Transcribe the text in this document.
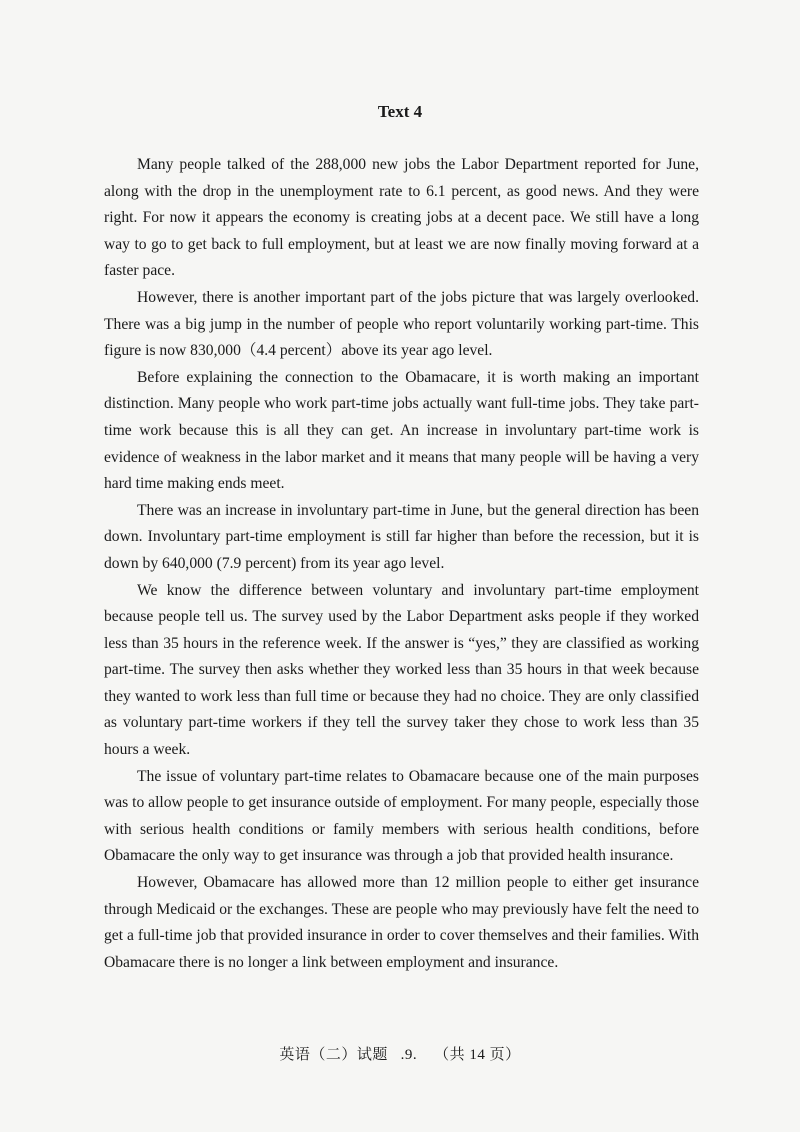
Text 4

Many people talked of the 288,000 new jobs the Labor Department reported for June, along with the drop in the unemployment rate to 6.1 percent, as good news. And they were right. For now it appears the economy is creating jobs at a decent pace. We still have a long way to go to get back to full employment, but at least we are now finally moving forward at a faster pace.

However, there is another important part of the jobs picture that was largely overlooked. There was a big jump in the number of people who report voluntarily working part-time. This figure is now 830,000（4.4 percent）above its year ago level.

Before explaining the connection to the Obamacare, it is worth making an important distinction. Many people who work part-time jobs actually want full-time jobs. They take part-time work because this is all they can get. An increase in involuntary part-time work is evidence of weakness in the labor market and it means that many people will be having a very hard time making ends meet.

There was an increase in involuntary part-time in June, but the general direction has been down. Involuntary part-time employment is still far higher than before the recession, but it is down by 640,000 (7.9 percent) from its year ago level.

We know the difference between voluntary and involuntary part-time employment because people tell us. The survey used by the Labor Department asks people if they worked less than 35 hours in the reference week. If the answer is “yes,” they are classified as working part-time. The survey then asks whether they worked less than 35 hours in that week because they wanted to work less than full time or because they had no choice. They are only classified as voluntary part-time workers if they tell the survey taker they chose to work less than 35 hours a week.

The issue of voluntary part-time relates to Obamacare because one of the main purposes was to allow people to get insurance outside of employment. For many people, especially those with serious health conditions or family members with serious health conditions, before Obamacare the only way to get insurance was through a job that provided health insurance.

However, Obamacare has allowed more than 12 million people to either get insurance through Medicaid or the exchanges. These are people who may previously have felt the need to get a full-time job that provided insurance in order to cover themselves and their families. With Obamacare there is no longer a link between employment and insurance.

英语（二）试题   .9.    （共 14 页）
